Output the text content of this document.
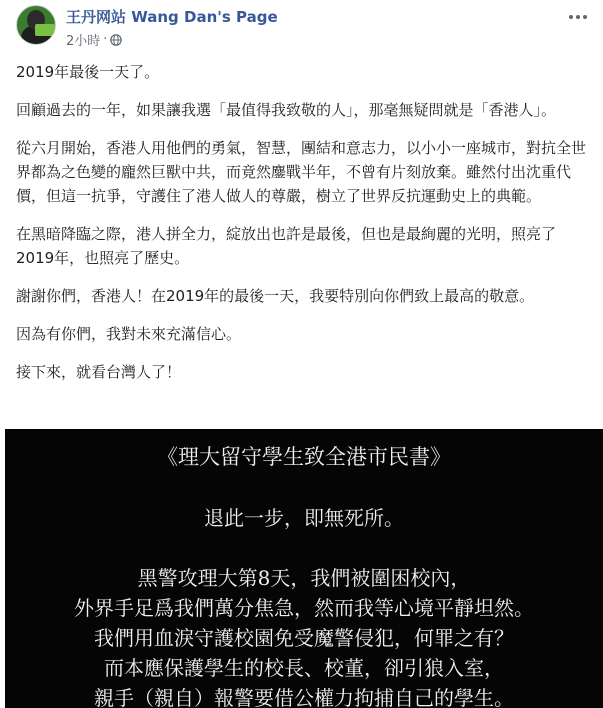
王丹网站 Wang Dan's Page
2小時 ·

2019年最後一天了。

回顧過去的一年，如果讓我選「最值得我致敬的人」，那毫無疑問就是「香港人」。

從六月開始，香港人用他們的勇氣，智慧，團結和意志力，以小小一座城市，對抗全世界都為之色變的龐然巨獸中共，而竟然鏖戰半年，不曾有片刻放棄。雖然付出沈重代價，但這一抗爭，守護住了港人做人的尊嚴，樹立了世界反抗運動史上的典範。

在黑暗降臨之際，港人拼全力，綻放出也許是最後，但也是最絢麗的光明，照亮了2019年，也照亮了歷史。

謝謝你們，香港人！在2019年的最後一天，我要特別向你們致上最高的敬意。

因為有你們，我對未來充滿信心。

接下來，就看台灣人了！

《理大留守學生致全港市民書》
退此一步，即無死所。
黑警攻理大第8天，我們被圍困校內，
外界手足爲我們萬分焦急，然而我等心境平靜坦然。
我們用血淚守護校園免受魔警侵犯，何罪之有？
而本應保護學生的校長、校董，卻引狼入室，
親手（親自）報警要借公權力拘捕自己的學生。
